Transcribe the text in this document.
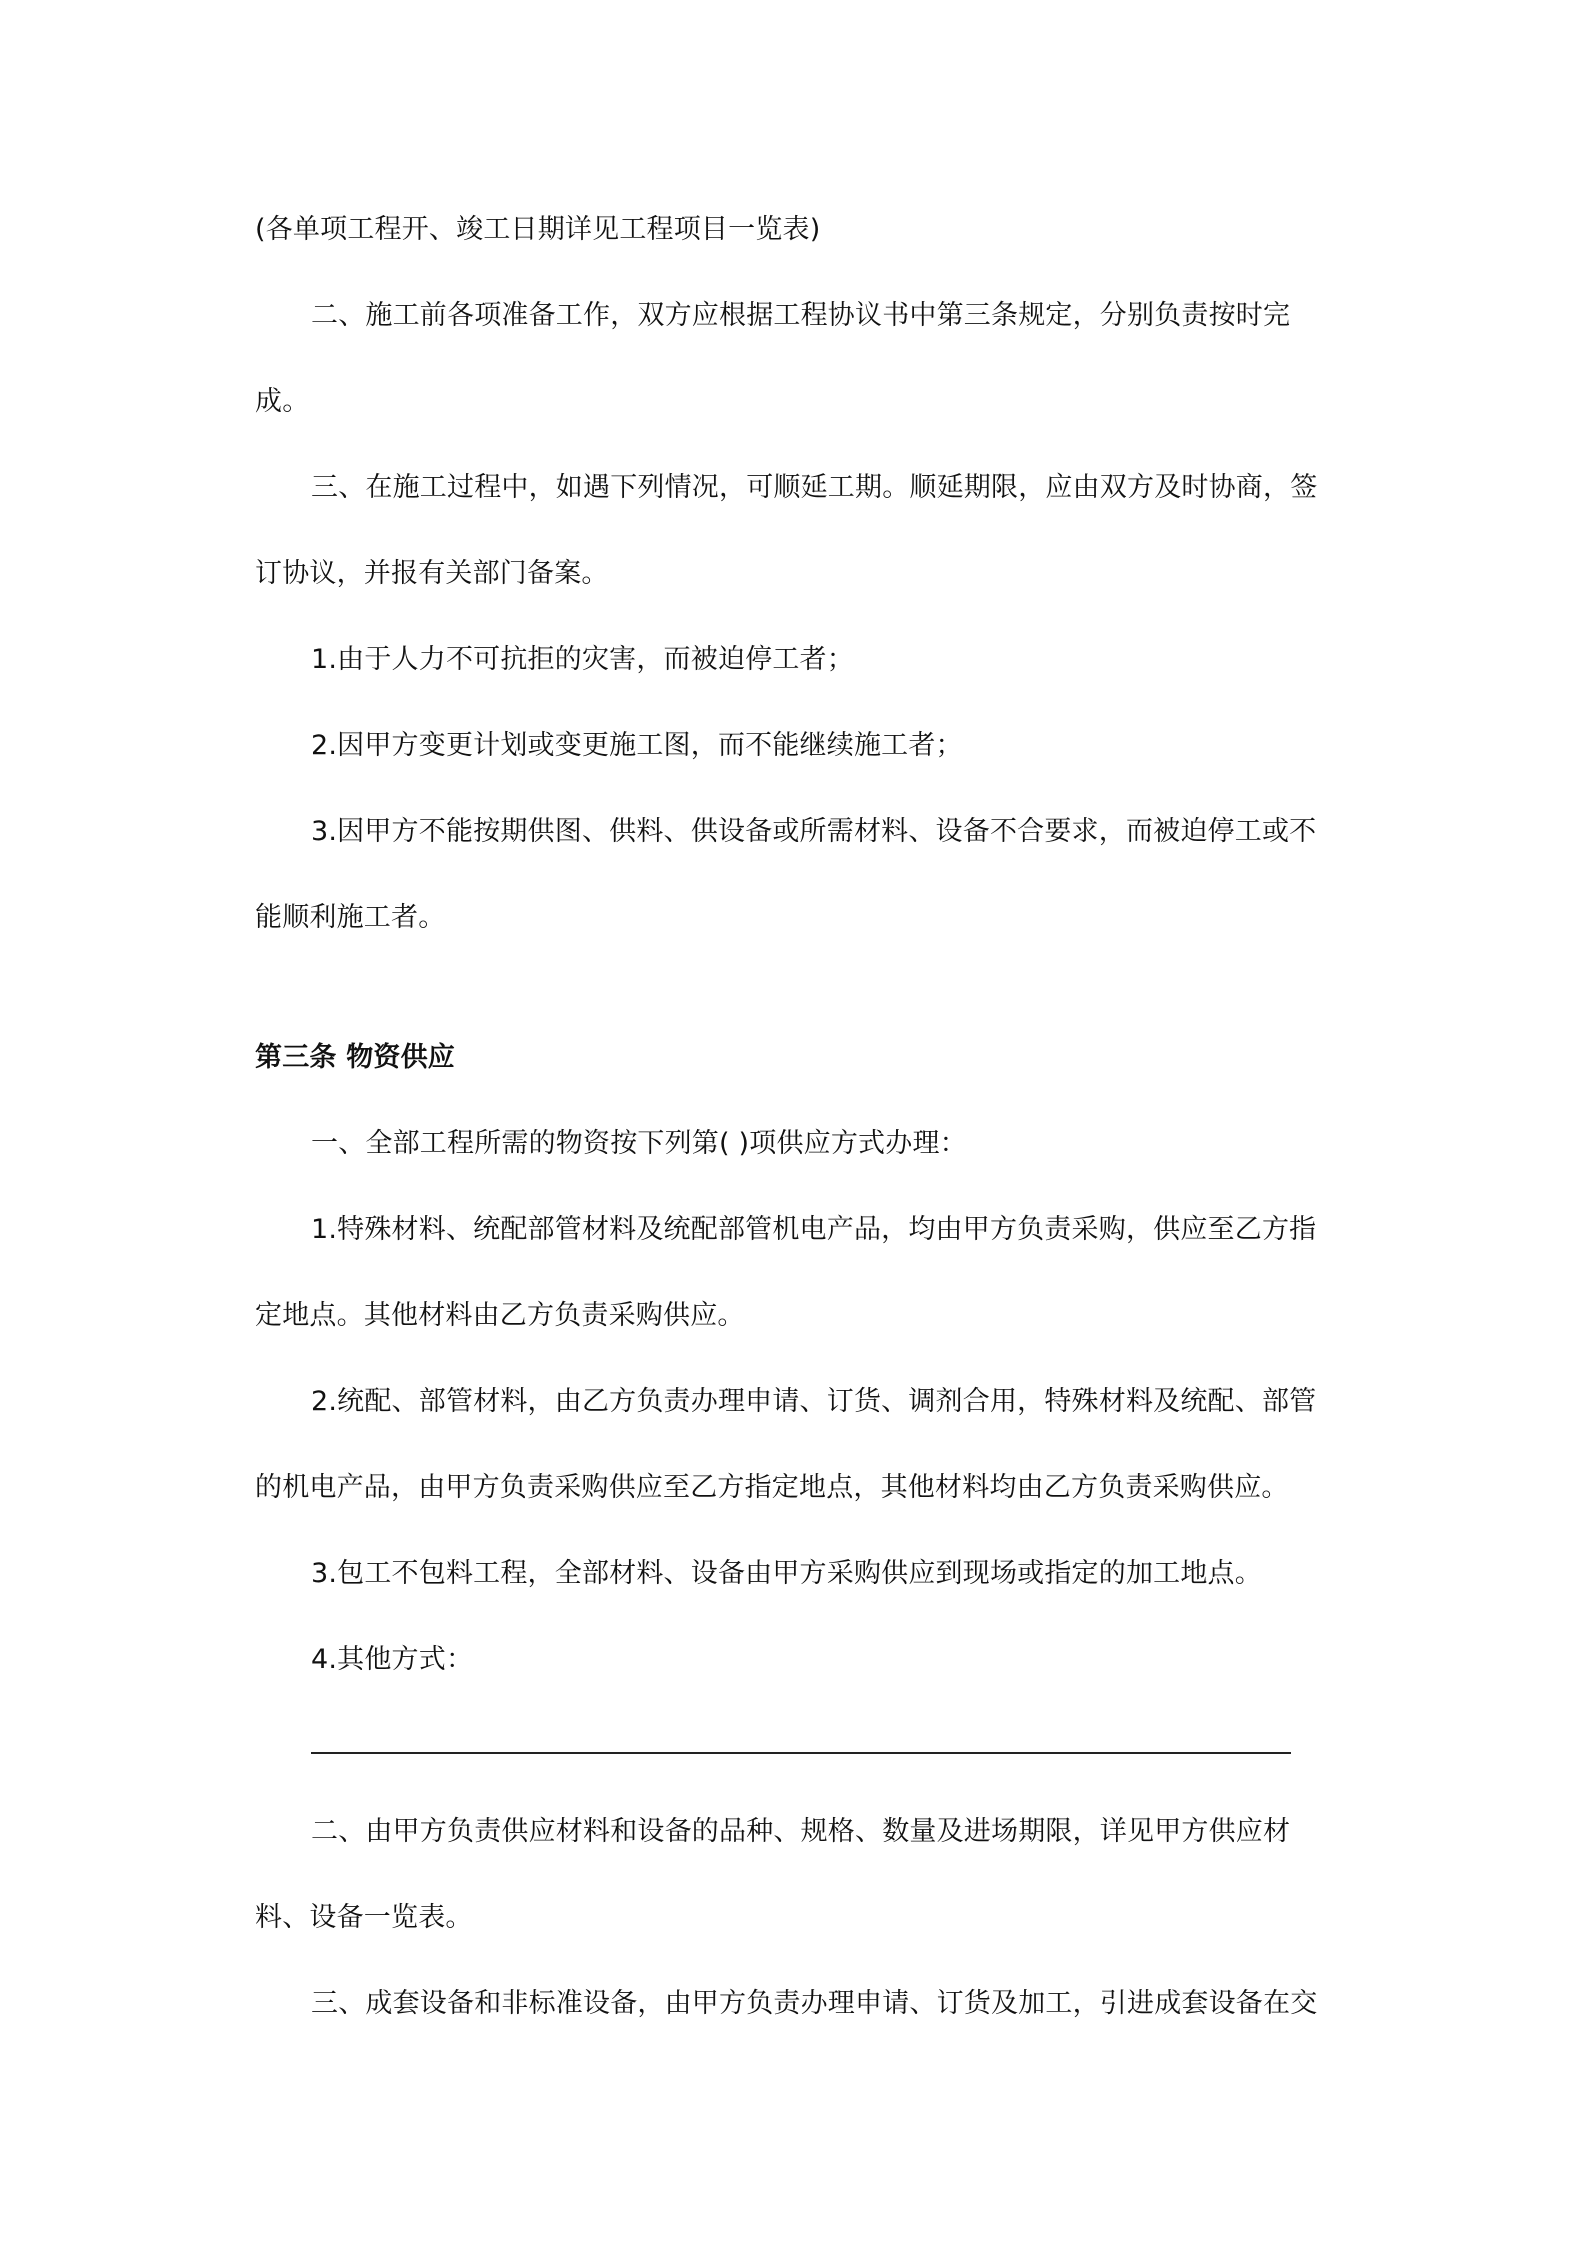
(各单项工程开、竣工日期详见工程项目一览表)
二、施工前各项准备工作，双方应根据工程协议书中第三条规定，分别负责按时完
成。
三、在施工过程中，如遇下列情况，可顺延工期。顺延期限，应由双方及时协商，签
订协议，并报有关部门备案。
1.由于人力不可抗拒的灾害，而被迫停工者；
2.因甲方变更计划或变更施工图，而不能继续施工者；
3.因甲方不能按期供图、供料、供设备或所需材料、设备不合要求，而被迫停工或不
能顺利施工者。
第三条 物资供应
一、全部工程所需的物资按下列第( )项供应方式办理：
1.特殊材料、统配部管材料及统配部管机电产品，均由甲方负责采购，供应至乙方指
定地点。其他材料由乙方负责采购供应。
2.统配、部管材料，由乙方负责办理申请、订货、调剂合用，特殊材料及统配、部管
的机电产品，由甲方负责采购供应至乙方指定地点，其他材料均由乙方负责采购供应。
3.包工不包料工程，全部材料、设备由甲方采购供应到现场或指定的加工地点。
4.其他方式：
二、由甲方负责供应材料和设备的品种、规格、数量及进场期限，详见甲方供应材
料、设备一览表。
三、成套设备和非标准设备，由甲方负责办理申请、订货及加工，引进成套设备在交
